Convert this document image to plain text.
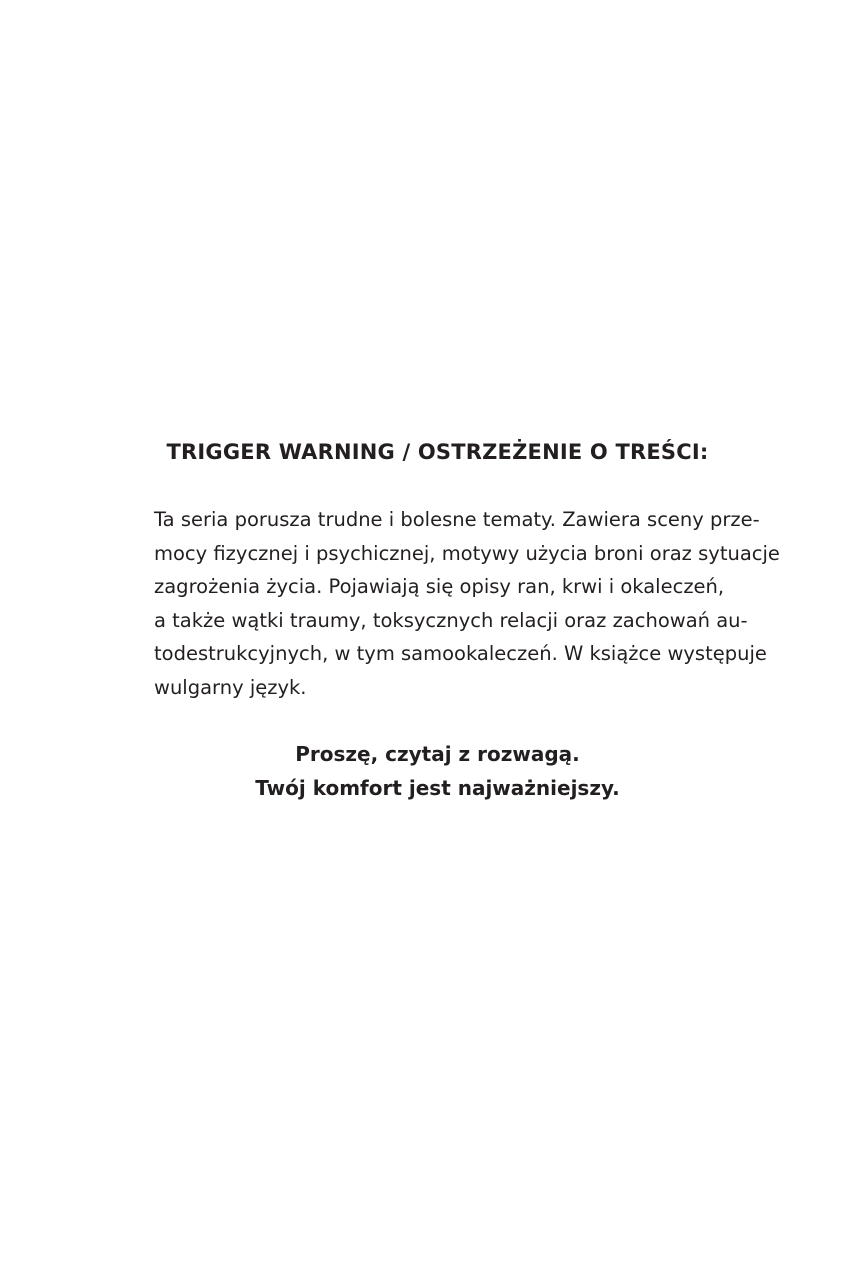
TRIGGER WARNING / OSTRZEŻENIE O TREŚCI:
Ta seria porusza trudne i bolesne tematy. Zawiera sceny prze-
mocy fizycznej i psychicznej, motywy użycia broni oraz sytuacje
zagrożenia życia. Pojawiają się opisy ran, krwi i okaleczeń,
a także wątki traumy, toksycznych relacji oraz zachowań au-
todestrukcyjnych, w tym samookaleczeń. W książce występuje
wulgarny język.
Proszę, czytaj z rozwagą.
Twój komfort jest najważniejszy.
